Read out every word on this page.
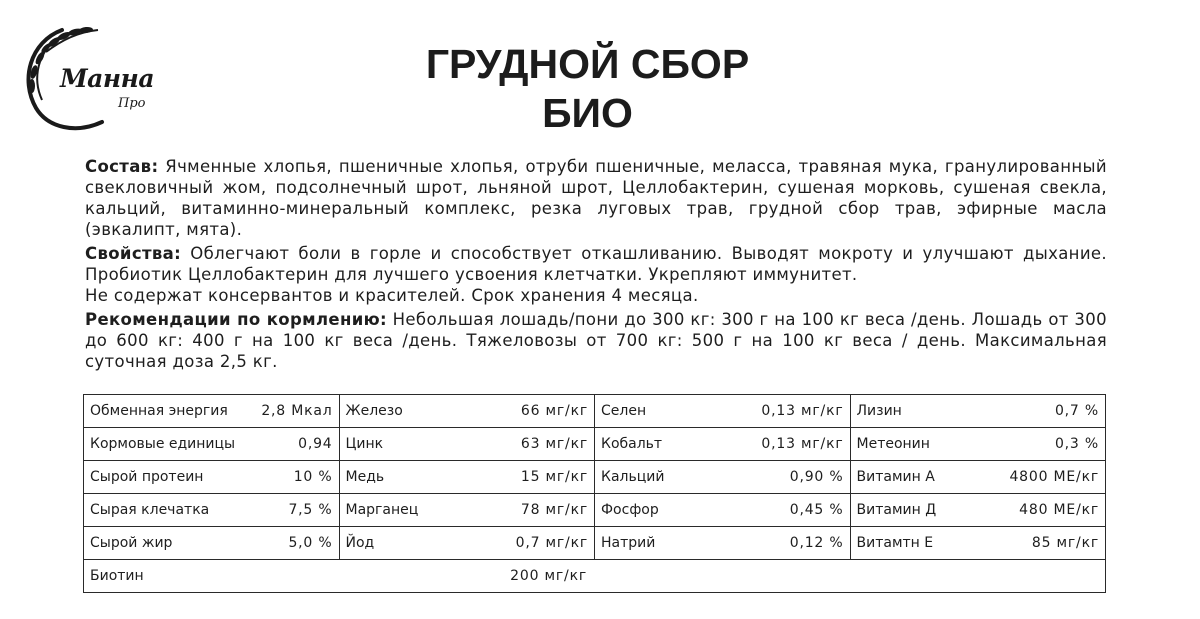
Манна
Про
ГРУДНОЙ СБОР
БИО

Состав: Ячменные хлопья, пшеничные хлопья, отруби пшеничные, меласса, травяная мука, гранулированный свекловичный жом, подсолнечный шрот, льняной шрот, Целлобактерин, сушеная морковь, сушеная свекла, кальций, витаминно-минеральный комплекс, резка луговых трав, грудной сбор трав, эфирные масла (эвкалипт, мята).

Свойства: Облегчают боли в горле и способствует откашливанию. Выводят мокроту и улучшают дыхание. Пробиотик Целлобактерин для лучшего усвоения клетчатки. Укрепляют иммунитет.
Не содержат консервантов и красителей. Срок хранения 4 месяца.

Рекомендации по кормлению: Небольшая лошадь/пони до 300 кг: 300 г на 100 кг веса /день. Лошадь от 300 до 600 кг: 400 г на 100 кг веса /день. Тяжеловозы от 700 кг: 500 г на 100 кг веса / день. Максимальная суточная доза 2,5 кг.

Обменная энергия 2,8 Мкал	Железо 66 мг/кг	Селен 0,13 мг/кг	Лизин 0,7 %

Кормовые единицы 0,94	Цинк 63 мг/кг	Кобальт 0,13 мг/кг	Метеонин 0,3 %

Сырой протеин 10 %	Медь 15 мг/кг	Кальций 0,90 %	Витамин А 4800 МЕ/кг

Сырая клечатка 7,5 %	Марганец 78 мг/кг	Фосфор 0,45 %	Витамин Д 480 МЕ/кг

Сырой жир 5,0 %	Йод 0,7 мг/кг	Натрий 0,12 %	Витамтн Е 85 мг/кг

Биотин 200 мг/кг			
